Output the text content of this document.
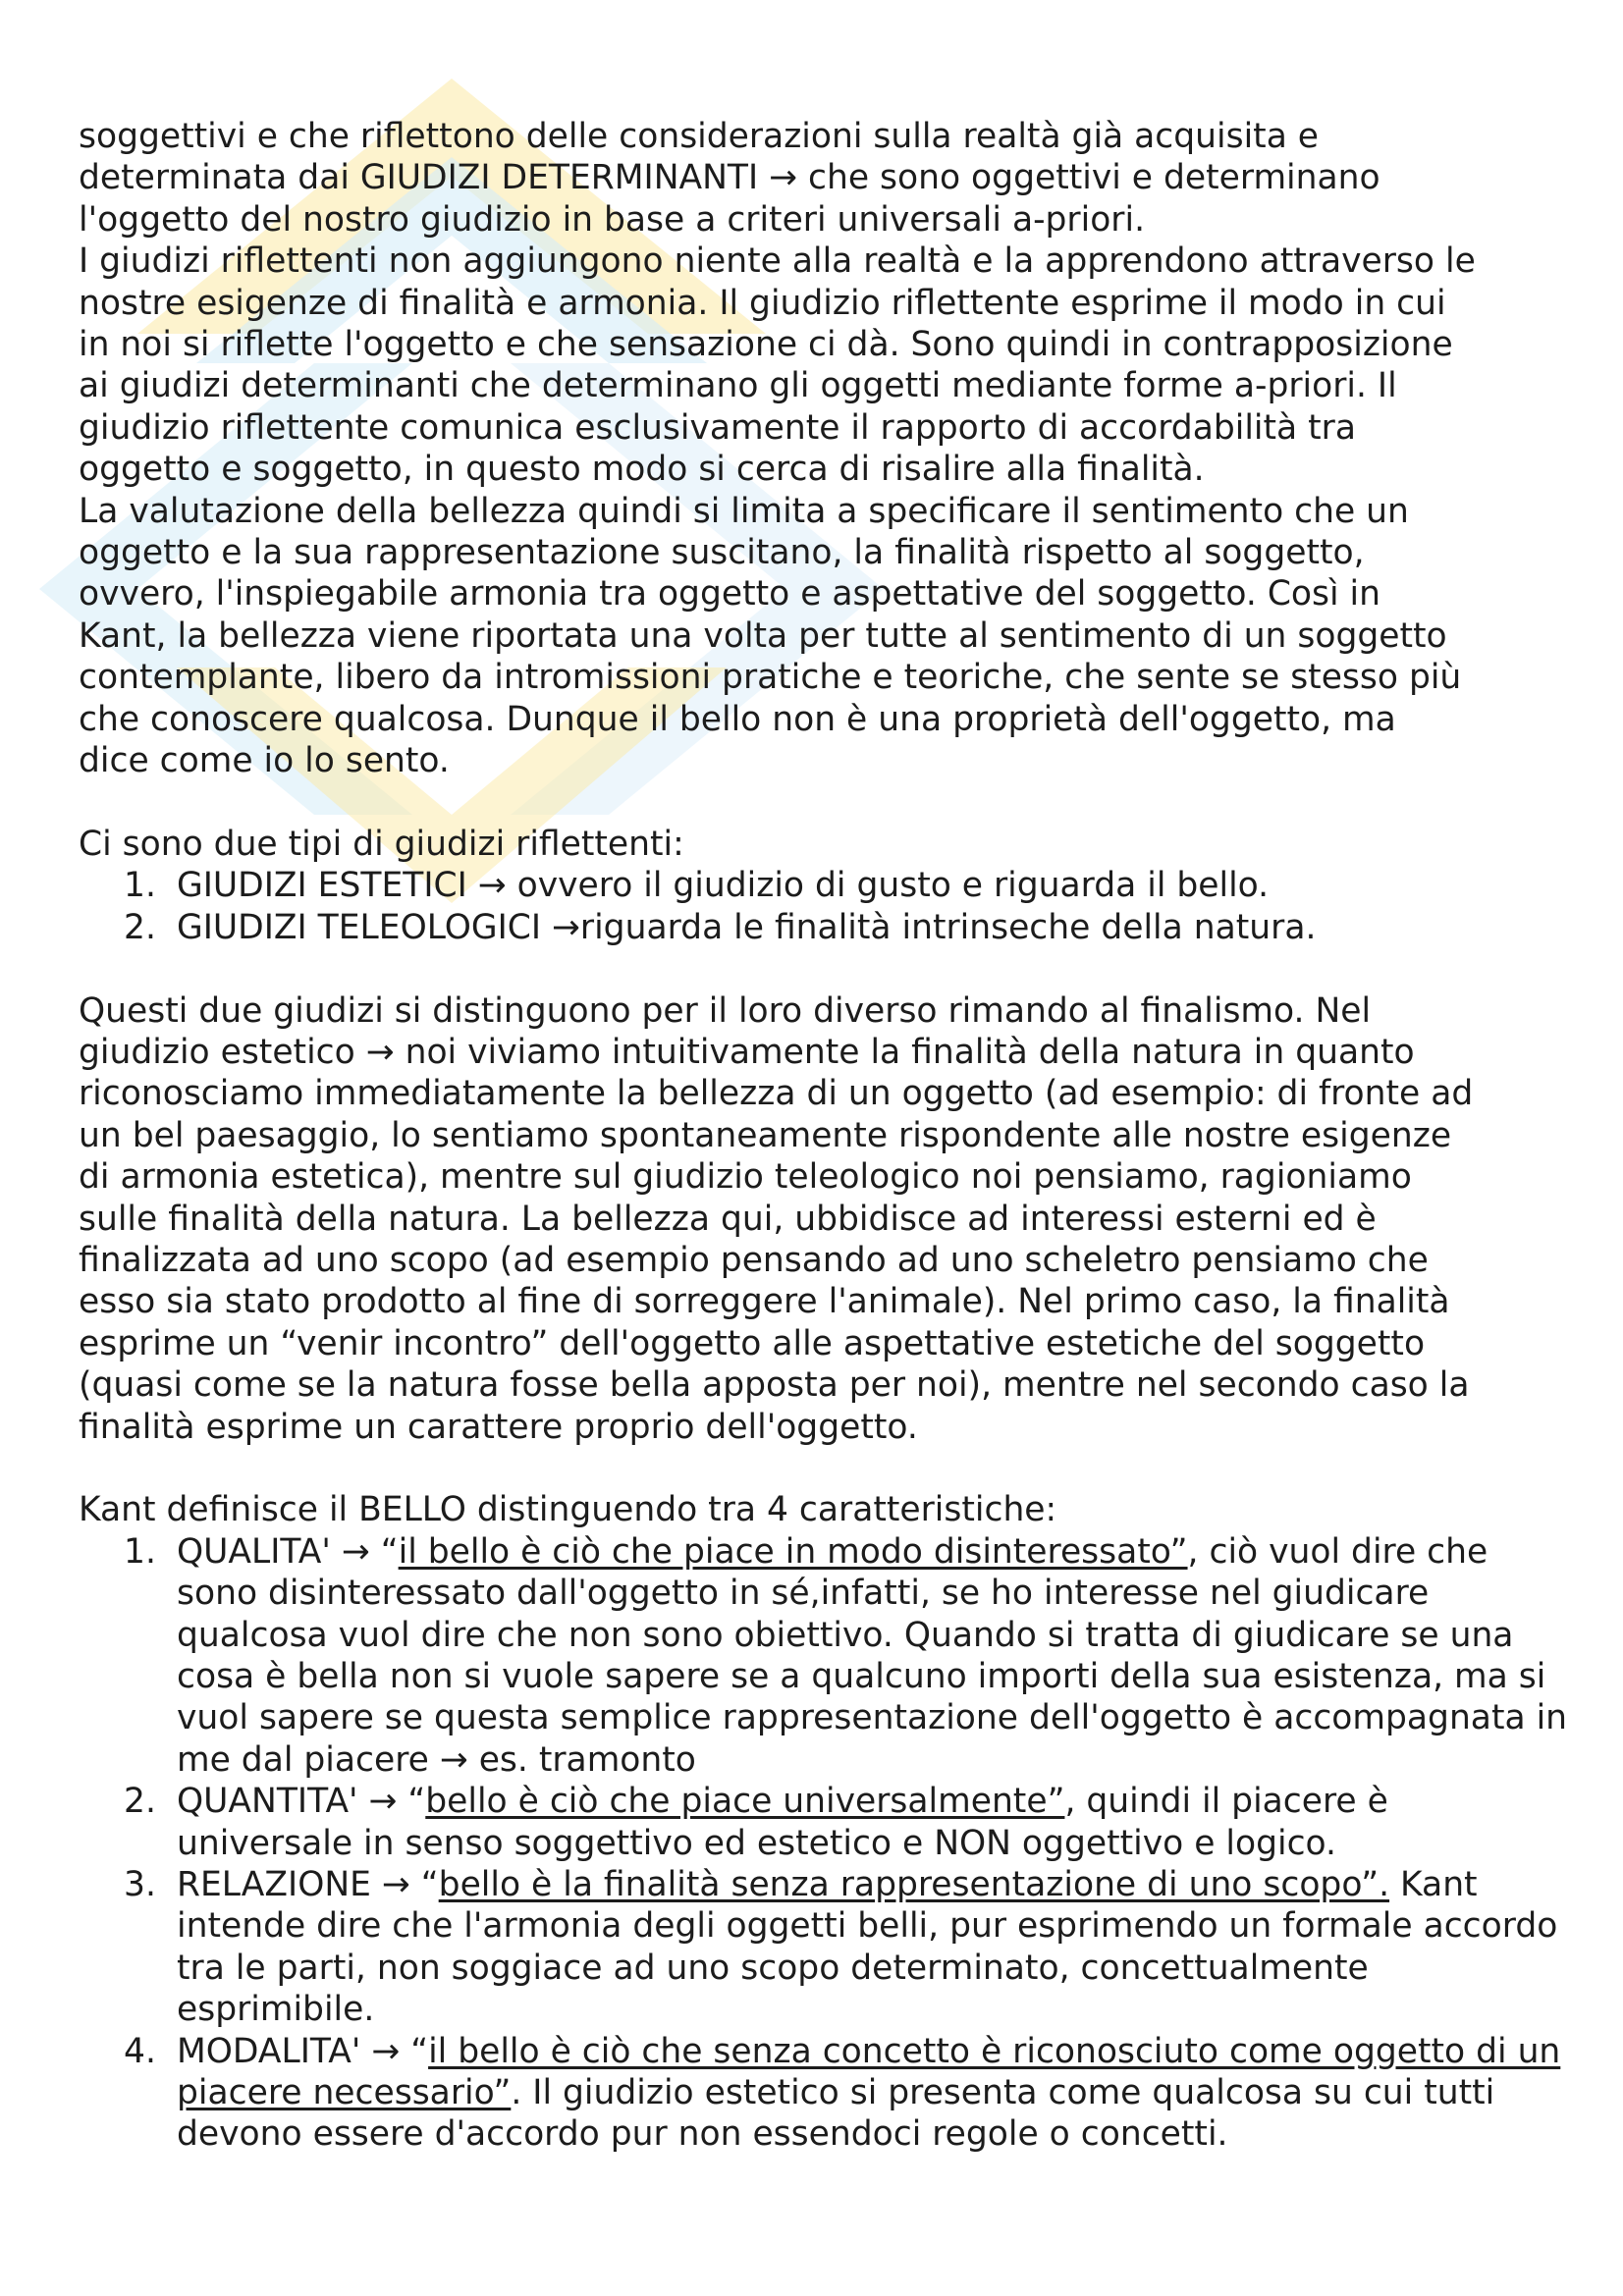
soggettivi e che riflettono delle considerazioni sulla realtà già acquisita e

determinata dai GIUDIZI DETERMINANTI → che sono oggettivi e determinano

l'oggetto del nostro giudizio in base a criteri universali a-priori.

I giudizi riflettenti non aggiungono niente alla realtà e la apprendono attraverso le

nostre esigenze di finalità e armonia. Il giudizio riflettente esprime il modo in cui

in noi si riflette l'oggetto e che sensazione ci dà. Sono quindi in contrapposizione

ai giudizi determinanti che determinano gli oggetti mediante forme a-priori. Il

giudizio riflettente comunica esclusivamente il rapporto di accordabilità tra

oggetto e soggetto, in questo modo si cerca di risalire alla finalità.

La valutazione della bellezza quindi si limita a specificare il sentimento che un

oggetto e la sua rappresentazione suscitano, la finalità rispetto al soggetto,

ovvero, l'inspiegabile armonia tra oggetto e aspettative del soggetto. Così in

Kant, la bellezza viene riportata una volta per tutte al sentimento di un soggetto

contemplante, libero da intromissioni pratiche e teoriche, che sente se stesso più

che conoscere qualcosa. Dunque il bello non è una proprietà dell'oggetto, ma

dice come io lo sento.

Ci sono due tipi di giudizi riflettenti:

1. GIUDIZI ESTETICI → ovvero il giudizio di gusto e riguarda il bello.
2. GIUDIZI TELEOLOGICI →riguarda le finalità intrinseche della natura.

Questi due giudizi si distinguono per il loro diverso rimando al finalismo. Nel

giudizio estetico → noi viviamo intuitivamente la finalità della natura in quanto

riconosciamo immediatamente la bellezza di un oggetto (ad esempio: di fronte ad

un bel paesaggio, lo sentiamo spontaneamente rispondente alle nostre esigenze

di armonia estetica), mentre sul giudizio teleologico noi pensiamo, ragioniamo

sulle finalità della natura. La bellezza qui, ubbidisce ad interessi esterni ed è

finalizzata ad uno scopo (ad esempio pensando ad uno scheletro pensiamo che

esso sia stato prodotto al fine di sorreggere l'animale). Nel primo caso, la finalità

esprime un “venir incontro” dell'oggetto alle aspettative estetiche del soggetto

(quasi come se la natura fosse bella apposta per noi), mentre nel secondo caso la

finalità esprime un carattere proprio dell'oggetto.

Kant definisce il BELLO distinguendo tra 4 caratteristiche:

1. QUALITA' → “il bello è ciò che piace in modo disinteressato”, ciò vuol dire che sono disinteressato dall'oggetto in sé,infatti, se ho interesse nel giudicare qualcosa vuol dire che non sono obiettivo. Quando si tratta di giudicare se una cosa è bella non si vuole sapere se a qualcuno importi della sua esistenza, ma si vuol sapere se questa semplice rappresentazione dell'oggetto è accompagnata in me dal piacere → es. tramonto
2. QUANTITA' → “bello è ciò che piace universalmente”, quindi il piacere è universale in senso soggettivo ed estetico e NON oggettivo e logico.
3. RELAZIONE → “bello è la finalità senza rappresentazione di uno scopo”. Kant intende dire che l'armonia degli oggetti belli, pur esprimendo un formale accordo tra le parti, non soggiace ad uno scopo determinato, concettualmente esprimibile.
4. MODALITA' → “il bello è ciò che senza concetto è riconosciuto come oggetto di un piacere necessario”. Il giudizio estetico si presenta come qualcosa su cui tutti devono essere d'accordo pur non essendoci regole o concetti.
